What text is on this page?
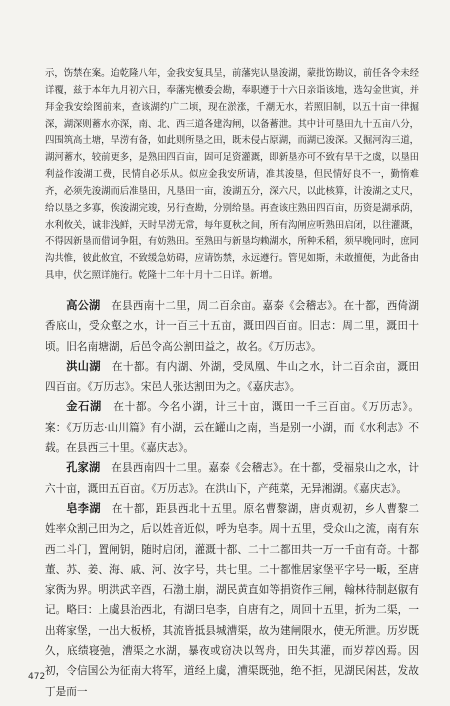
示，饬禁在案。迨乾隆八年，金我安复具呈，前藩宪认垦浚湖，蒙批饬勘议，前任各令未经详覆，兹于本年九月初六日，奉藩宪檄委会勘，奉职遵于十六日亲诣该地，选勾金世寅，并拜金我安绘图前来，查该湖约广二顷，现在淤涨，千潮无水，若照旧制，以五十亩一律掘深，湖深则蓄水亦深，南、北、西三道各建沟闸，以备蓄泄。其中计可垦田九十五亩八分，四围筑高土塘，旱涝有备，如此则所垦之田，既未侵占原湖，而湖已浚深。又掘河沟三道，湖河蓄水，较前更多，是熟田四百亩，固可足资灌溉，即新垦亦可不致有旱干之虞，以垦田利益作浚湖工费，民情自必乐从。似应金我安所请，准其浚垦，但民情好良不一，勤惰难齐，必须先浚湖而后准垦田，凡垦田一亩，浚湖五分，深六尺，以此核算，计浚湖之丈尺，给以垦之多寡，俟浚湖完竣，另行查勘，分别给垦。再查该庄熟田四百亩，历资是湖承荫，水利攸关，诚非浅鲜，天时旱涝无常，每年夏秋之间，所有沟闸应听熟田启闭，以往灌溉，不得因新垦而借词争阻，有妨熟田。至熟田与新垦均赖湖水，所种禾稻，须早晚同时，庶同沟共惟，彼此攸宜，不致缓急妨碍，应请饬禁，永远遵行。管见如斯，未敢擅便，为此备由具申，伏乞照详施行。乾隆十二年十月十二日详。新增。

高公湖　 在县西南十二里，周二百余亩。嘉泰《会稽志》。在十都，西倚湖香底山，受众壑之水，计一百三十五亩，溉田四百亩。旧志：周二里，溉田十顷。旧名南塘湖，后邑令高公割田益之，故名。《万历志》。

洪山湖　 在十都。有内湖、外湖，受凤凰、牛山之水，计二百余亩，溉田四百亩。《万历志》。宋邑人张达割田为之。《嘉庆志》。

金石湖　 在十都。今名小湖，计三十亩，溉田一千三百亩。《万历志》。案：《万历志·山川篇》有小湖，云在罐山之南，当是别一小湖，而《水利志》不载。在县西三十里。《嘉庆志》。

孔家湖　 在县西南四十二里。嘉泰《会稽志》。在十都，受福泉山之水，计六十亩，溉田五百亩。《万历志》。在洪山下，产莼菜，无异湘湖。《嘉庆志》。

皂李湖　 在十都，距县西北十五里。原名曹黎湖，唐贞观初，乡人曹黎二姓率众割己田为之，后以姓音近似，呼为皂李。周十五里，受众山之流，南有东西二斗门，置闸钥，随时启闭，灌溉十都、二十二都田共一万一千亩有奇。十都董、苏、姜、海、戚、河、汝字号，共七里。二十都惟居家堡平字号一畈，至唐家衖为界。明洪武辛酉，石渤土崩，湖民黄直如等捐资作三闸，翰林待制赵俶有记。略曰：上虞县治西北，有湖曰皂李，自唐有之，周回十五里，折为二渠，一出蒋家堡，一出大板桥，其流皆抵县城漕渠，故为建闸限水，使无所泄。历岁既久，底绩寝弛，漕渠之水湖，暴夜或窃决以驾舟，田失其灌，而岁荐凶焉。因初，令信国公为征南大将军，道经上虞，漕渠既弛，绝不拒，见湖民闲甚，发故丁是而一

472
